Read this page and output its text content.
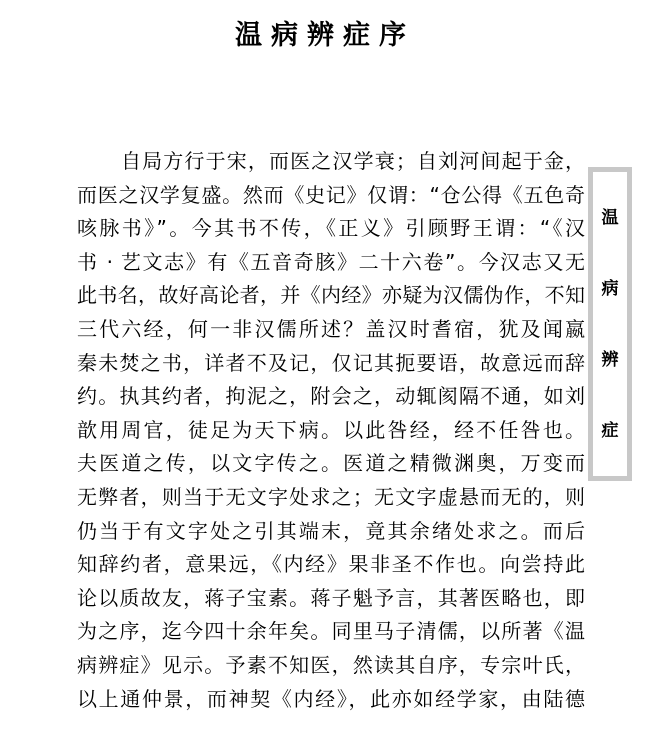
温病辨症序
自局方行于宋，而医之汉学衰；自刘河间起于金，
而医之汉学复盛。然而《史记》仅谓：“仓公得《五色奇
咳脉书》”。今其书不传，《正义》引顾野王谓：“《汉
书 · 艺文志》有《五音奇胲》二十六卷”。今汉志又无
此书名，故好高论者，并《内经》亦疑为汉儒伪作，不知
三代六经，何一非汉儒所述？盖汉时耆宿，犹及闻嬴
秦未焚之书，详者不及记，仅记其扼要语，故意远而辞
约。执其约者，拘泥之，附会之，动辄阂隔不通，如刘
歆用周官，徒足为天下病。以此咎经，经不任咎也。
夫医道之传，以文字传之。医道之精微渊奥，万变而
无弊者，则当于无文字处求之；无文字虚悬而无的，则
仍当于有文字处之引其端末，竟其余绪处求之。而后
知辞约者，意果远，《内经》果非圣不作也。向尝持此
论以质故友，蒋子宝素。蒋子魁予言，其著医略也，即
为之序，迄今四十余年矣。同里马子清儒，以所著《温
病辨症》见示。予素不知医，然读其自序，专宗叶氏，
以上通仲景，而神契《内经》，此亦如经学家，由陆德
温
病
辨
症
